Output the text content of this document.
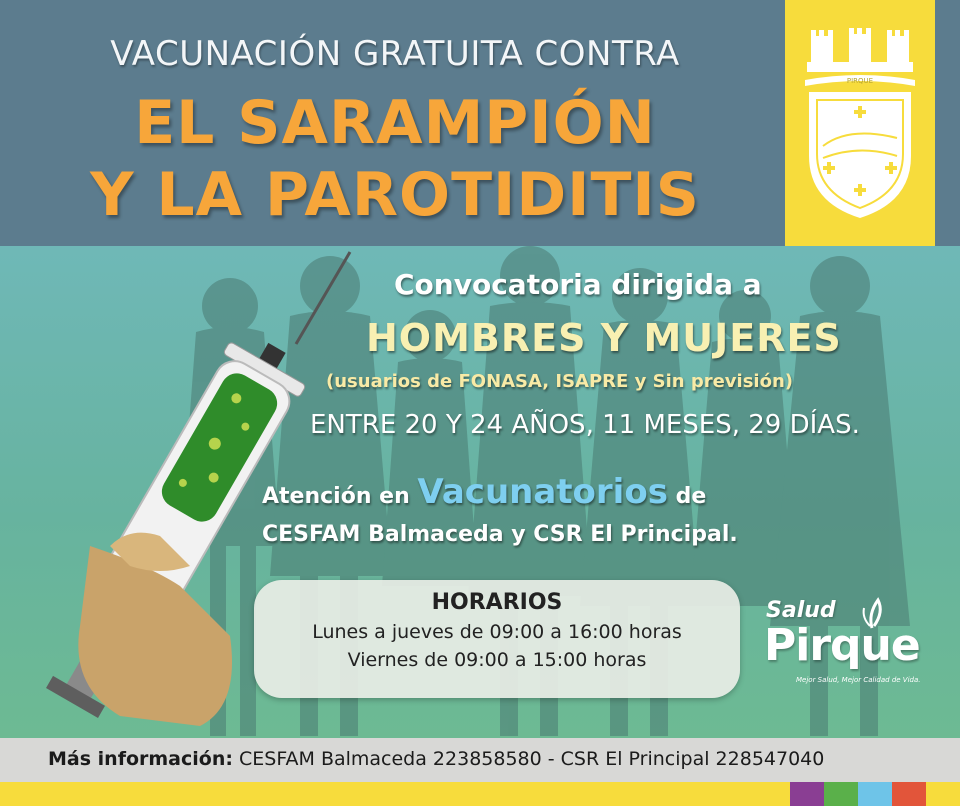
VACUNACIÓN GRATUITA CONTRA
EL SARAMPIÓN
Y LA PAROTIDITIS
PIRQUE
Convocatoria dirigida a
HOMBRES Y MUJERES
(usuarios de FONASA, ISAPRE y Sin previsión)
ENTRE 20 Y 24 AÑOS, 11 MESES, 29 DÍAS.
Atención en Vacunatorios de
CESFAM Balmaceda y CSR El Principal.
HORARIOS
Lunes a jueves de 09:00 a 16:00 horas
Viernes de 09:00 a 15:00 horas
Salud
Pirque
Mejor Salud, Mejor Calidad de Vida.
Más información: CESFAM Balmaceda 223858580 - CSR El Principal 228547040
